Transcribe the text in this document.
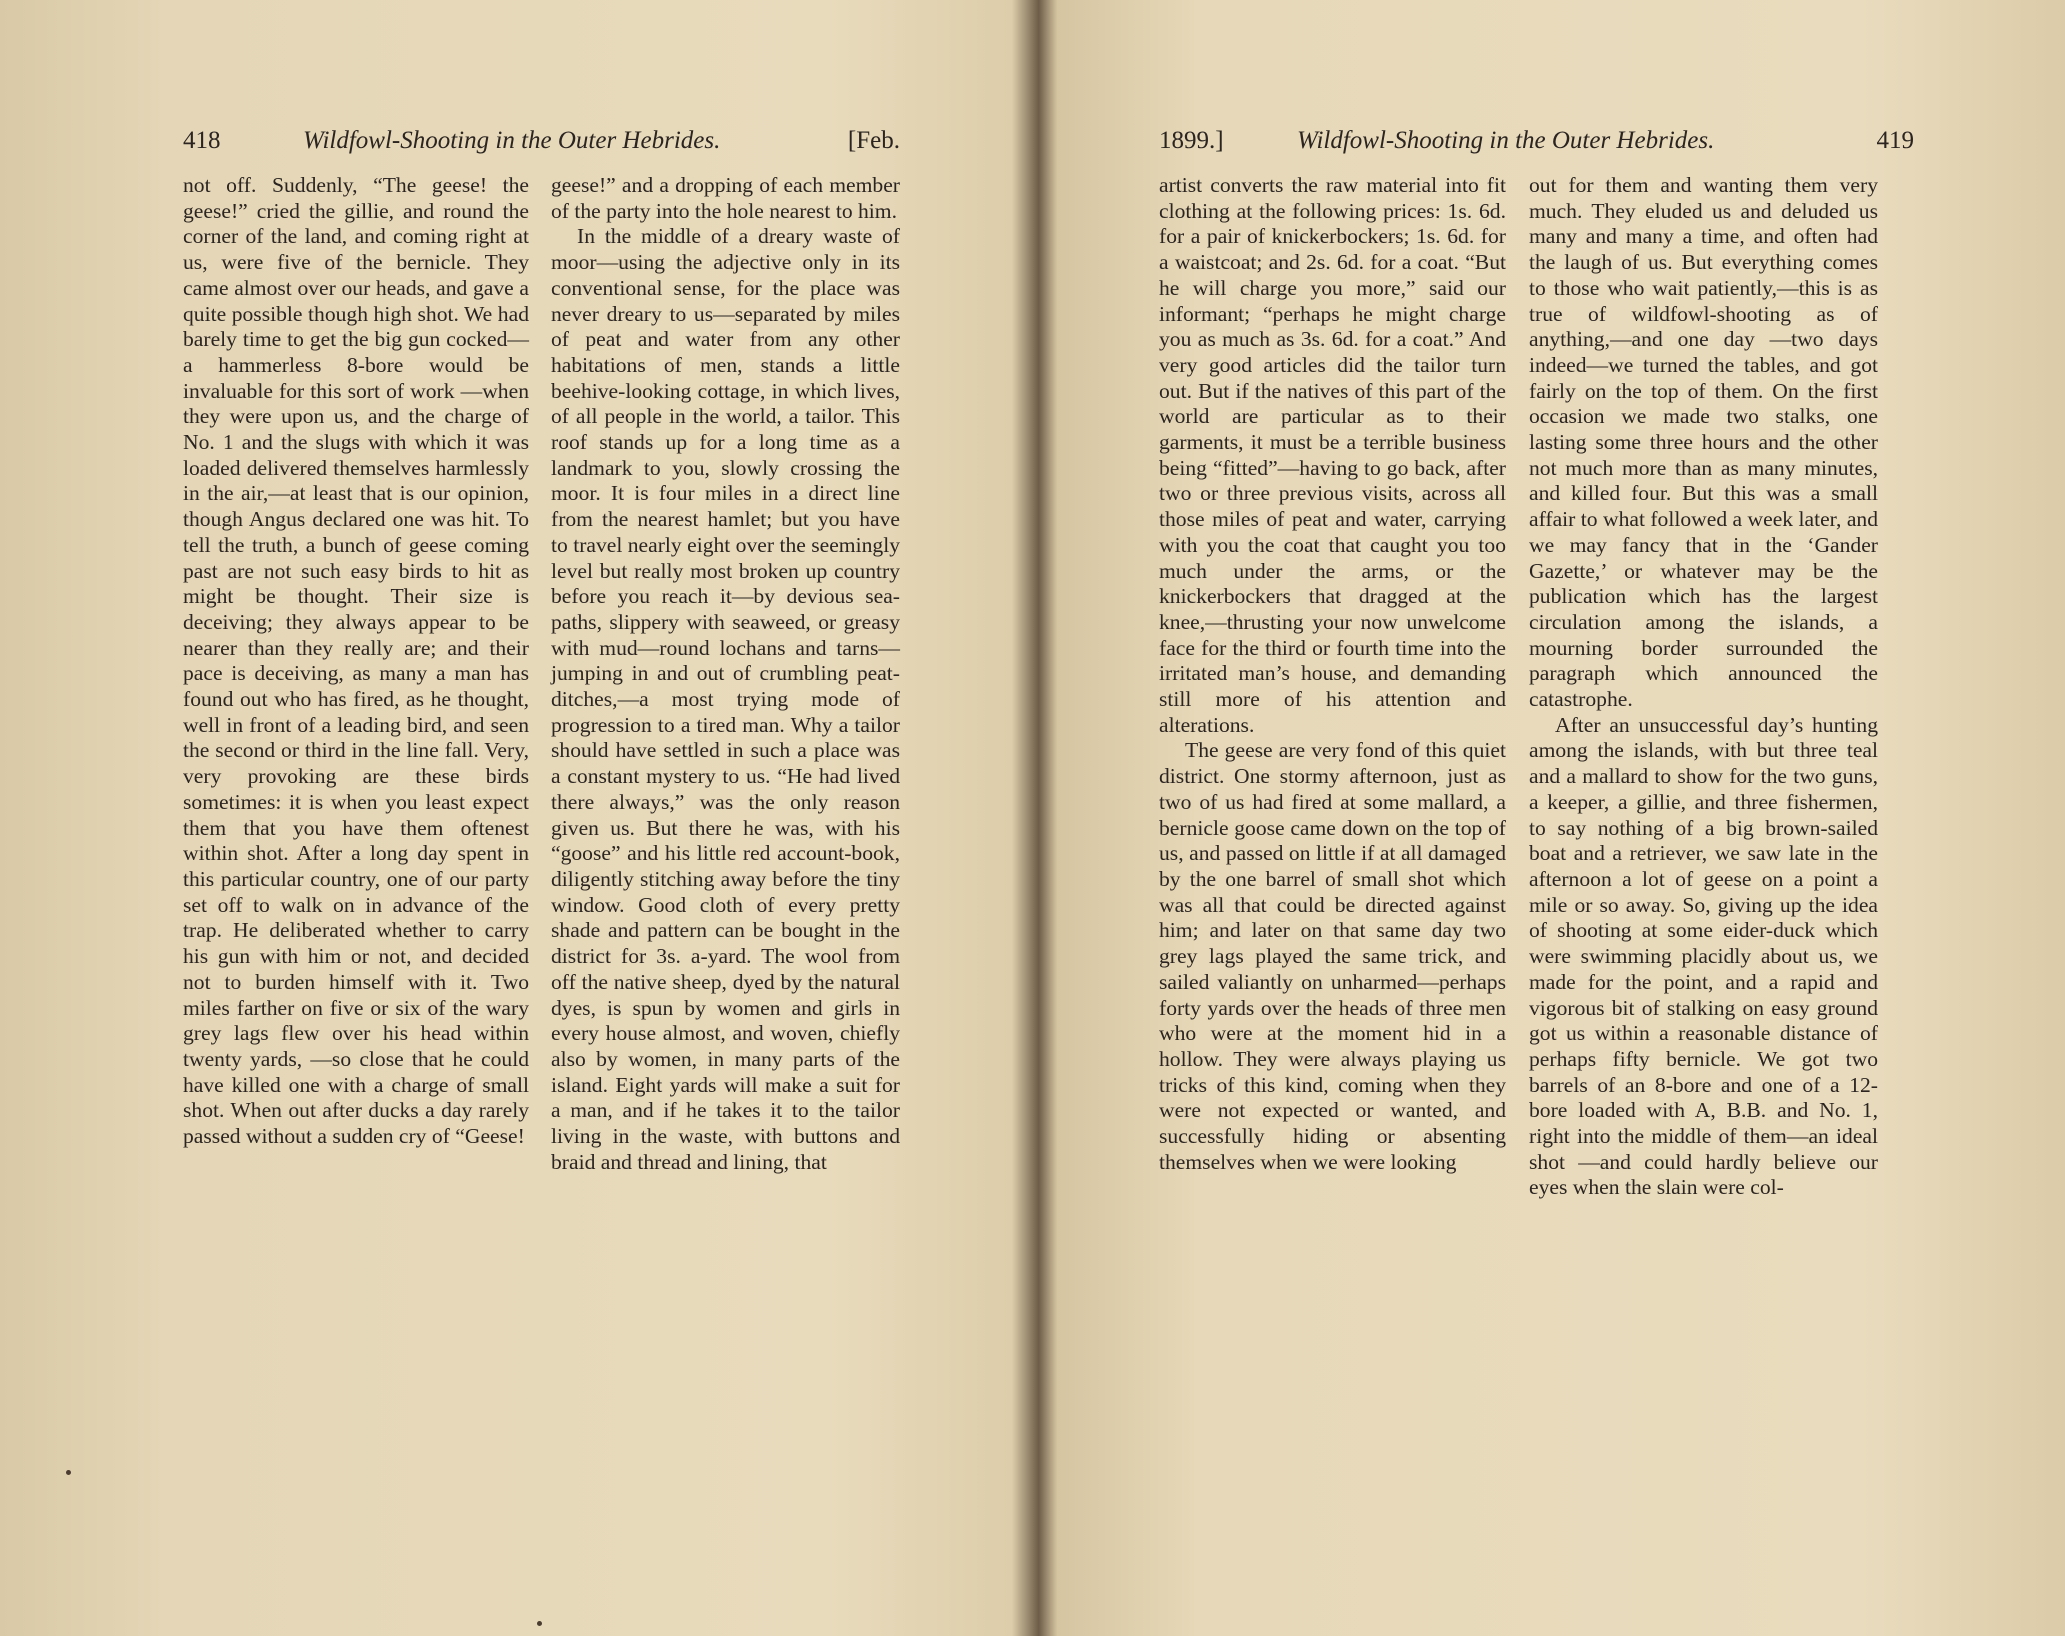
418	Wildfowl-Shooting in the Outer Hebrides.	[Feb.

not off. Suddenly, “The geese! the geese!” cried the gillie, and round the corner of the land, and coming right at us, were five of the bernicle. They came almost over our heads, and gave a quite possible though high shot. We had barely time to get the big gun cocked—a hammerless 8-bore would be invaluable for this sort of work —when they were upon us, and the charge of No. 1 and the slugs with which it was loaded delivered themselves harmlessly in the air,—at least that is our opinion, though Angus declared one was hit. To tell the truth, a bunch of geese coming past are not such easy birds to hit as might be thought. Their size is deceiving; they always appear to be nearer than they really are; and their pace is deceiving, as many a man has found out who has fired, as he thought, well in front of a leading bird, and seen the second or third in the line fall. Very, very provoking are these birds sometimes: it is when you least expect them that you have them oftenest within shot. After a long day spent in this particular country, one of our party set off to walk on in advance of the trap. He deliberated whether to carry his gun with him or not, and decided not to burden himself with it. Two miles farther on five or six of the wary grey lags flew over his head within twenty yards, —so close that he could have killed one with a charge of small shot. When out after ducks a day rarely passed without a sudden cry of “Geese!

geese!” and a dropping of each member of the party into the hole nearest to him.

In the middle of a dreary waste of moor—using the adjective only in its conventional sense, for the place was never dreary to us—separated by miles of peat and water from any other habitations of men, stands a little beehive-looking cottage, in which lives, of all people in the world, a tailor. This roof stands up for a long time as a landmark to you, slowly crossing the moor. It is four miles in a direct line from the nearest hamlet; but you have to travel nearly eight over the seemingly level but really most broken up country before you reach it—by devious sea-paths, slippery with seaweed, or greasy with mud—round lochans and tarns—jumping in and out of crumbling peat-ditches,—a most trying mode of progression to a tired man. Why a tailor should have settled in such a place was a constant mystery to us. “He had lived there always,” was the only reason given us. But there he was, with his “goose” and his little red account-book, diligently stitching away before the tiny window. Good cloth of every pretty shade and pattern can be bought in the district for 3s. a-yard. The wool from off the native sheep, dyed by the natural dyes, is spun by women and girls in every house almost, and woven, chiefly also by women, in many parts of the island. Eight yards will make a suit for a man, and if he takes it to the tailor living in the waste, with buttons and braid and thread and lining, that

1899.]	Wildfowl-Shooting in the Outer Hebrides.	419

artist converts the raw material into fit clothing at the following prices: 1s. 6d. for a pair of knickerbockers; 1s. 6d. for a waistcoat; and 2s. 6d. for a coat. “But he will charge you more,” said our informant; “perhaps he might charge you as much as 3s. 6d. for a coat.” And very good articles did the tailor turn out. But if the natives of this part of the world are particular as to their garments, it must be a terrible business being “fitted”—having to go back, after two or three previous visits, across all those miles of peat and water, carrying with you the coat that caught you too much under the arms, or the knickerbockers that dragged at the knee,—thrusting your now unwelcome face for the third or fourth time into the irritated man’s house, and demanding still more of his attention and alterations.

The geese are very fond of this quiet district. One stormy afternoon, just as two of us had fired at some mallard, a bernicle goose came down on the top of us, and passed on little if at all damaged by the one barrel of small shot which was all that could be directed against him; and later on that same day two grey lags played the same trick, and sailed valiantly on unharmed—perhaps forty yards over the heads of three men who were at the moment hid in a hollow. They were always playing us tricks of this kind, coming when they were not expected or wanted, and successfully hiding or absenting themselves when we were looking

out for them and wanting them very much. They eluded us and deluded us many and many a time, and often had the laugh of us. But everything comes to those who wait patiently,—this is as true of wildfowl-shooting as of anything,—and one day —two days indeed—we turned the tables, and got fairly on the top of them. On the first occasion we made two stalks, one lasting some three hours and the other not much more than as many minutes, and killed four. But this was a small affair to what followed a week later, and we may fancy that in the ‘Gander Gazette,’ or whatever may be the publication which has the largest circulation among the islands, a mourning border surrounded the paragraph which announced the catastrophe.

After an unsuccessful day’s hunting among the islands, with but three teal and a mallard to show for the two guns, a keeper, a gillie, and three fishermen, to say nothing of a big brown-sailed boat and a retriever, we saw late in the afternoon a lot of geese on a point a mile or so away. So, giving up the idea of shooting at some eider-duck which were swimming placidly about us, we made for the point, and a rapid and vigorous bit of stalking on easy ground got us within a reasonable distance of perhaps fifty bernicle. We got two barrels of an 8-bore and one of a 12-bore loaded with A, B.B. and No. 1, right into the middle of them—an ideal shot —and could hardly believe our eyes when the slain were col-
